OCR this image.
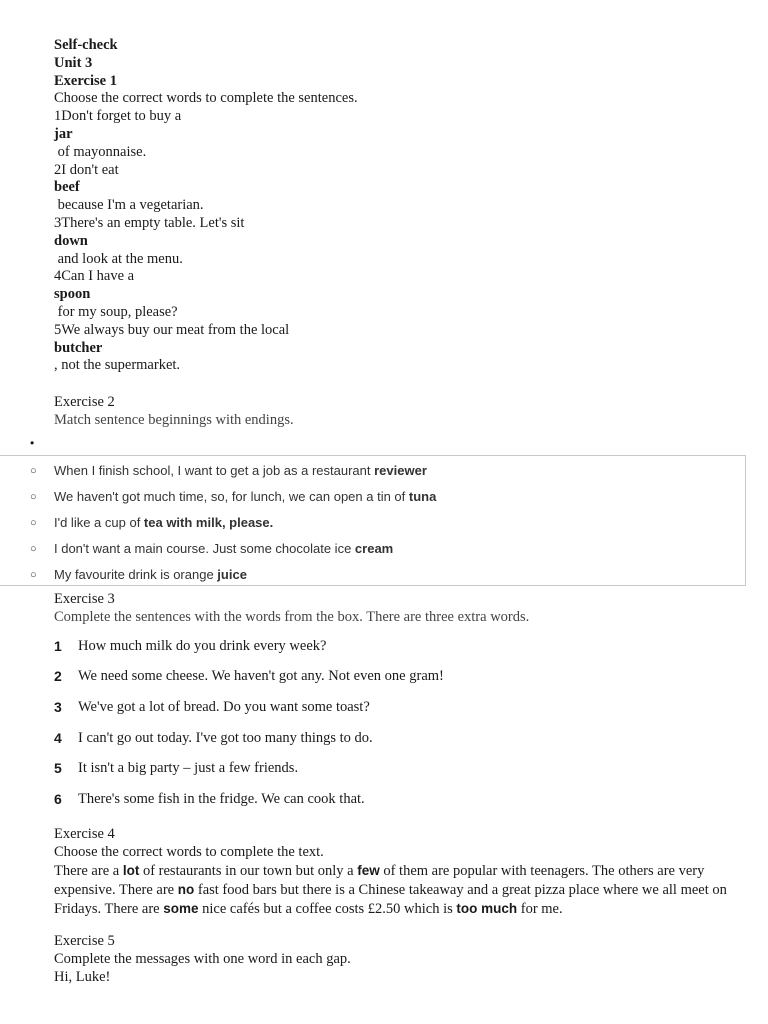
Self-check
Unit 3
Exercise 1
Choose the correct words to complete the sentences.
1Don't forget to buy a
jar
of mayonnaise.
2I don't eat
beef
because I'm a vegetarian.
3There's an empty table. Let's sit
down
and look at the menu.
4Can I have a
spoon
for my soup, please?
5We always buy our meat from the local
butcher
, not the supermarket.
Exercise 2
Match sentence beginnings with endings.
•
○ When I finish school, I want to get a job as a restaurant reviewer
○ We haven't got much time, so, for lunch, we can open a tin of tuna
○ I'd like a cup of tea with milk, please.
○ I don't want a main course. Just some chocolate ice cream
○ My favourite drink is orange juice
Exercise 3
Complete the sentences with the words from the box. There are three extra words.
1 How much milk do you drink every week?
2 We need some cheese. We haven't got any. Not even one gram!
3 We've got a lot of bread. Do you want some toast?
4 I can't go out today. I've got too many things to do.
5 It isn't a big party – just a few friends.
6 There's some fish in the fridge. We can cook that.
Exercise 4
Choose the correct words to complete the text.
There are a lot of restaurants in our town but only a few of them are popular with teenagers. The others are very expensive. There are no fast food bars but there is a Chinese takeaway and a great pizza place where we all meet on Fridays. There are some nice cafés but a coffee costs £2.50 which is too much for me.
Exercise 5
Complete the messages with one word in each gap.
Hi, Luke!
